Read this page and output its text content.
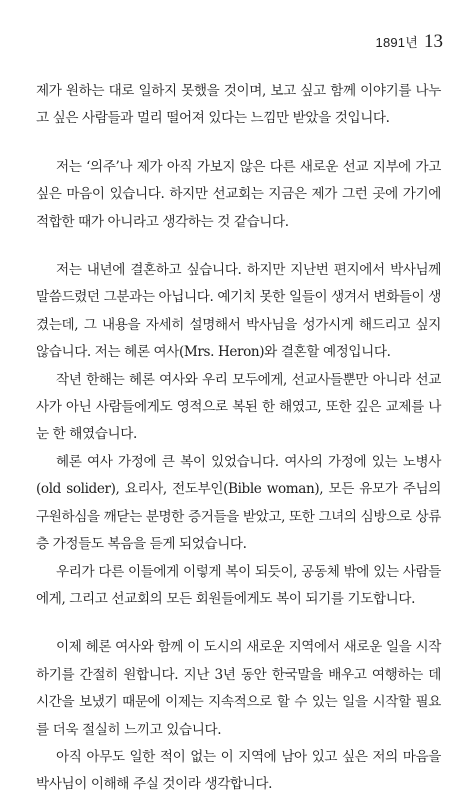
1891년 13

제가 원하는 대로 일하지 못했을 것이며, 보고 싶고 함께 이야기를 나누고 싶은 사람들과 멀리 떨어져 있다는 느낌만 받았을 것입니다.

저는 ‘의주’나 제가 아직 가보지 않은 다른 새로운 선교 지부에 가고 싶은 마음이 있습니다. 하지만 선교회는 지금은 제가 그런 곳에 가기에 적합한 때가 아니라고 생각하는 것 같습니다.

저는 내년에 결혼하고 싶습니다. 하지만 지난번 편지에서 박사님께 말씀드렸던 그분과는 아닙니다. 예기치 못한 일들이 생겨서 변화들이 생겼는데, 그 내용을 자세히 설명해서 박사님을 성가시게 해드리고 싶지 않습니다. 저는 헤론 여사(Mrs. Heron)와 결혼할 예정입니다.

작년 한해는 헤론 여사와 우리 모두에게, 선교사들뿐만 아니라 선교사가 아닌 사람들에게도 영적으로 복된 한 해였고, 또한 깊은 교제를 나눈 한 해였습니다.

헤론 여사 가정에 큰 복이 있었습니다. 여사의 가정에 있는 노병사(old solider), 요리사, 전도부인(Bible woman), 모든 유모가 주님의 구원하심을 깨닫는 분명한 증거들을 받았고, 또한 그녀의 심방으로 상류층 가정들도 복음을 듣게 되었습니다.

우리가 다른 이들에게 이렇게 복이 되듯이, 공동체 밖에 있는 사람들에게, 그리고 선교회의 모든 회원들에게도 복이 되기를 기도합니다.

이제 헤론 여사와 함께 이 도시의 새로운 지역에서 새로운 일을 시작하기를 간절히 원합니다. 지난 3년 동안 한국말을 배우고 여행하는 데 시간을 보냈기 때문에 이제는 지속적으로 할 수 있는 일을 시작할 필요를 더욱 절실히 느끼고 있습니다.

아직 아무도 일한 적이 없는 이 지역에 남아 있고 싶은 저의 마음을 박사님이 이해해 주실 것이라 생각합니다.
